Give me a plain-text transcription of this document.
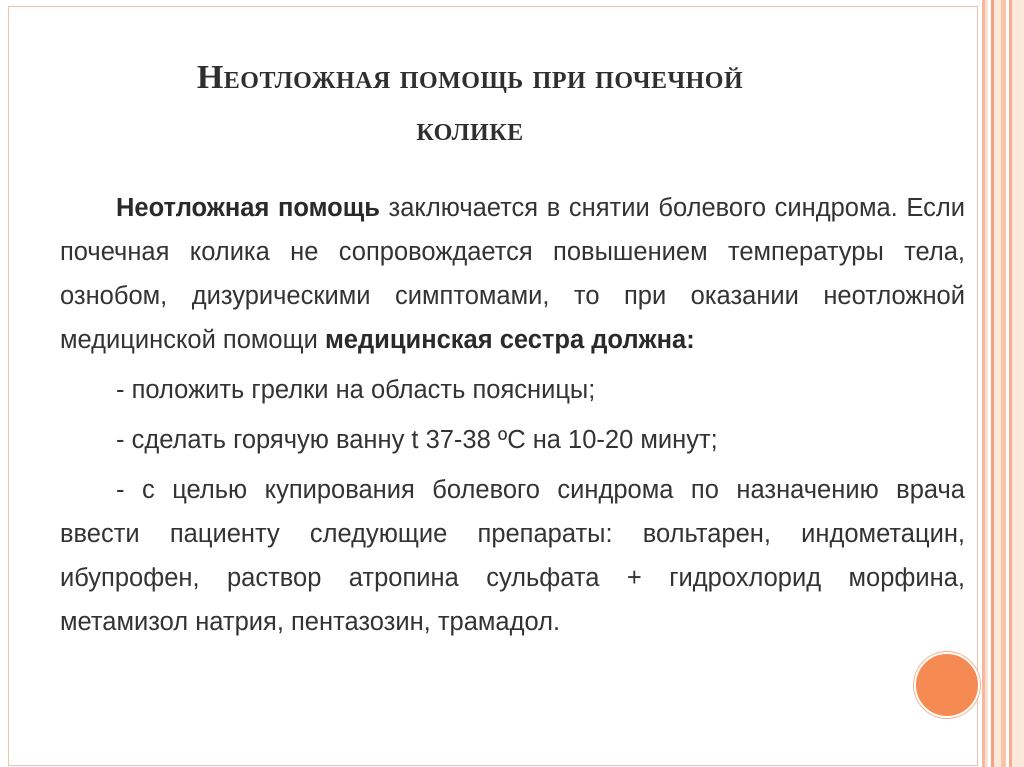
Неотложная помощь при почечной
колике

Неотложная помощь заключается в снятии болевого синдрома. Если почечная колика не сопровождается повышением температуры тела, ознобом, дизурическими симптомами, то при оказании неотложной медицинской помощи медицинская сестра должна:

- положить грелки на область поясницы;

- сделать горячую ванну t 37-38 ºС на 10-20 минут;

- с целью купирования болевого синдрома по назначению врача ввести пациенту следующие препараты: вольтарен, индометацин, ибупрофен, раствор атропина сульфата + гидрохлорид морфина, метамизол натрия, пентазозин, трамадол.
